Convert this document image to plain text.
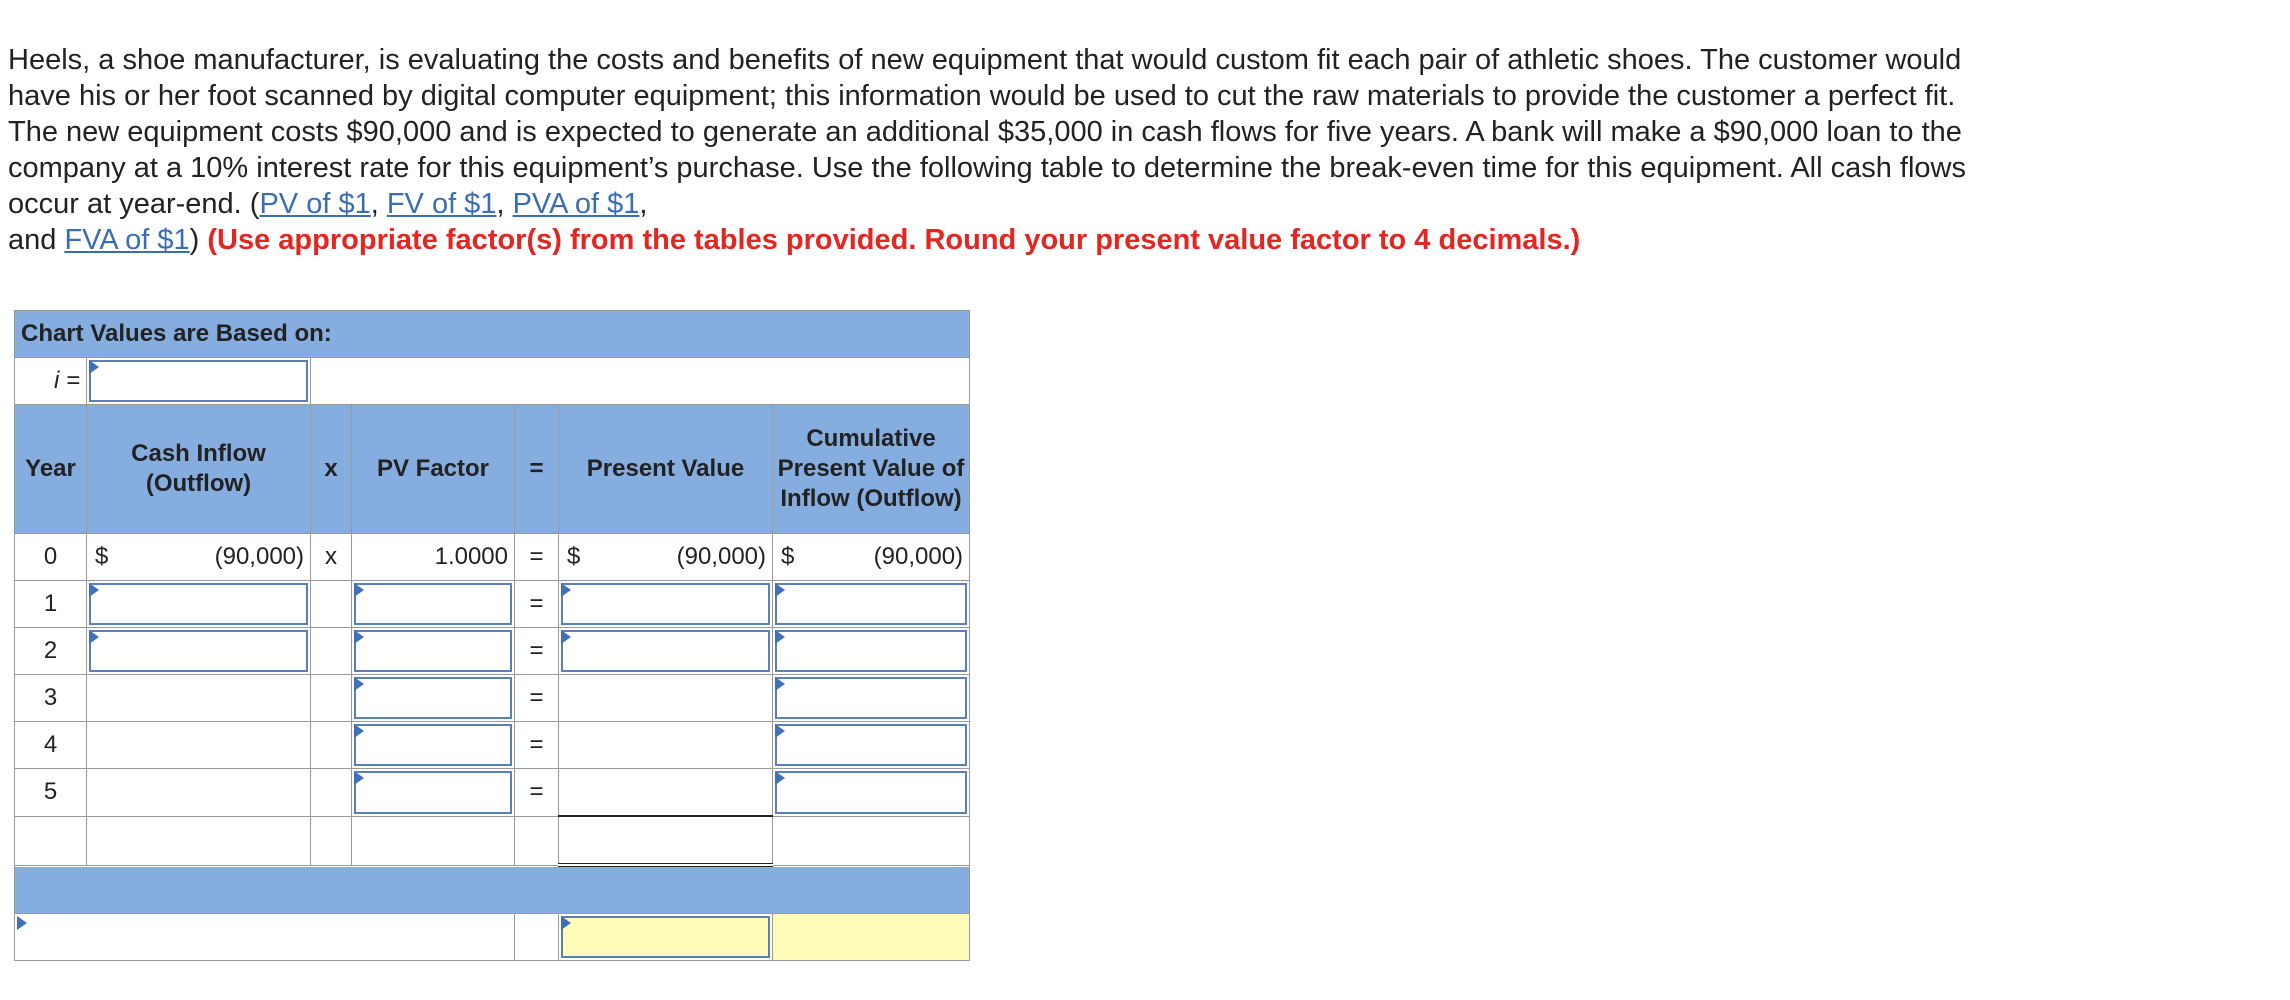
Heels, a shoe manufacturer, is evaluating the costs and benefits of new equipment that would custom fit each pair of athletic shoes. The customer would have his or her foot scanned by digital computer equipment; this information would be used to cut the raw materials to provide the customer a perfect fit. The new equipment costs $90,000 and is expected to generate an additional $35,000 in cash flows for five years. A bank will make a $90,000 loan to the company at a 10% interest rate for this equipment’s purchase. Use the following table to determine the break-even time for this equipment. All cash flows occur at year-end. (PV of $1, FV of $1, PVA of $1,
and FVA of $1) (Use appropriate factor(s) from the tables provided. Round your present value factor to 4 decimals.)
Chart Values are Based on:						
i =	

Year	Cash Inflow (Outflow)	x	PV Factor	=	Present Value	Cumulative Present Value of Inflow (Outflow)
0	$ (90,000)	x	1.0000	=	$ (90,000)	$ (90,000)

1				=	

2				=	

3				=		

4				=		

5				=		
